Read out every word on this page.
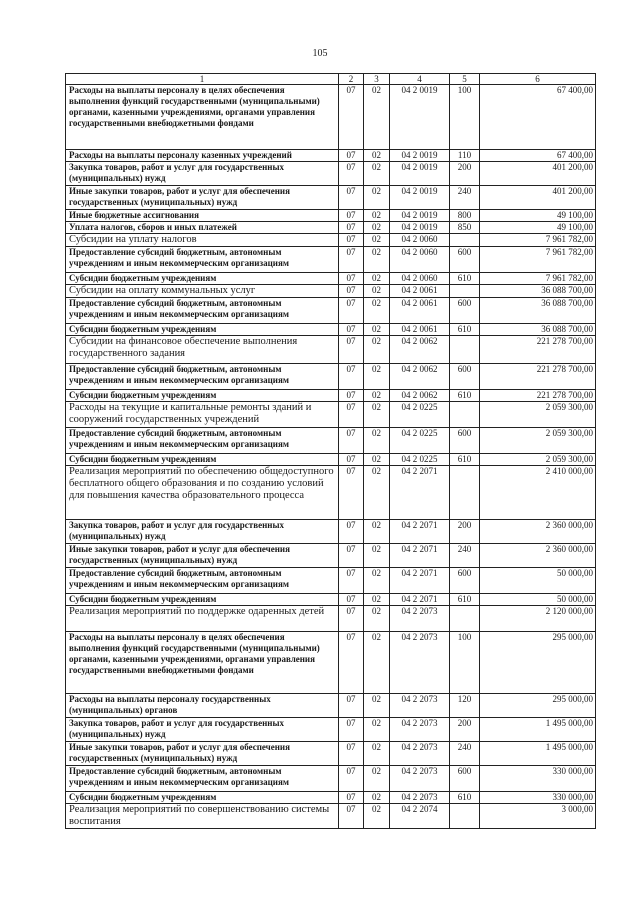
105
1	2	3	4	5	6
Расходы на выплаты персоналу в целях обеспечения выполнения функций государственными (муниципальными) органами, казенными учреждениями, органами управления государственными внебюджетными фондами	07	02	04 2 0019	100	67 400,00
Расходы на выплаты персоналу казенных учреждений	07	02	04 2 0019	110	67 400,00
Закупка товаров, работ и услуг для государственных (муниципальных) нужд	07	02	04 2 0019	200	401 200,00
Иные закупки товаров, работ и услуг для обеспечения государственных (муниципальных) нужд	07	02	04 2 0019	240	401 200,00
Иные бюджетные ассигнования	07	02	04 2 0019	800	49 100,00
Уплата налогов, сборов и иных платежей	07	02	04 2 0019	850	49 100,00
Субсидии на уплату налогов	07	02	04 2 0060		7 961 782,00
Предоставление субсидий бюджетным, автономным учреждениям и иным некоммерческим организациям	07	02	04 2 0060	600	7 961 782,00
Субсидии бюджетным учреждениям	07	02	04 2 0060	610	7 961 782,00
Субсидии на оплату коммунальных услуг	07	02	04 2 0061		36 088 700,00
Предоставление субсидий бюджетным, автономным учреждениям и иным некоммерческим организациям	07	02	04 2 0061	600	36 088 700,00
Субсидии бюджетным учреждениям	07	02	04 2 0061	610	36 088 700,00
Субсидии на финансовое обеспечение выполнения государственного задания	07	02	04 2 0062		221 278 700,00
Предоставление субсидий бюджетным, автономным учреждениям и иным некоммерческим организациям	07	02	04 2 0062	600	221 278 700,00
Субсидии бюджетным учреждениям	07	02	04 2 0062	610	221 278 700,00
Расходы на текущие и капитальные ремонты зданий и сооружений государственных учреждений	07	02	04 2 0225		2 059 300,00
Предоставление субсидий бюджетным, автономным учреждениям и иным некоммерческим организациям	07	02	04 2 0225	600	2 059 300,00
Субсидии бюджетным учреждениям	07	02	04 2 0225	610	2 059 300,00
Реализация мероприятий по обеспечению общедоступного бесплатного общего образования и по созданию условий для повышения качества образовательного процесса	07	02	04 2 2071		2 410 000,00
Закупка товаров, работ и услуг для государственных (муниципальных) нужд	07	02	04 2 2071	200	2 360 000,00
Иные закупки товаров, работ и услуг для обеспечения государственных (муниципальных) нужд	07	02	04 2 2071	240	2 360 000,00
Предоставление субсидий бюджетным, автономным учреждениям и иным некоммерческим организациям	07	02	04 2 2071	600	50 000,00
Субсидии бюджетным учреждениям	07	02	04 2 2071	610	50 000,00
Реализация мероприятий по поддержке одаренных детей	07	02	04 2 2073		2 120 000,00
Расходы на выплаты персоналу в целях обеспечения выполнения функций государственными (муниципальными) органами, казенными учреждениями, органами управления государственными внебюджетными фондами	07	02	04 2 2073	100	295 000,00
Расходы на выплаты персоналу государственных (муниципальных) органов	07	02	04 2 2073	120	295 000,00
Закупка товаров, работ и услуг для государственных (муниципальных) нужд	07	02	04 2 2073	200	1 495 000,00
Иные закупки товаров, работ и услуг для обеспечения государственных (муниципальных) нужд	07	02	04 2 2073	240	1 495 000,00
Предоставление субсидий бюджетным, автономным учреждениям и иным некоммерческим организациям	07	02	04 2 2073	600	330 000,00
Субсидии бюджетным учреждениям	07	02	04 2 2073	610	330 000,00
Реализация мероприятий по совершенствованию системы воспитания	07	02	04 2 2074		3 000,00
